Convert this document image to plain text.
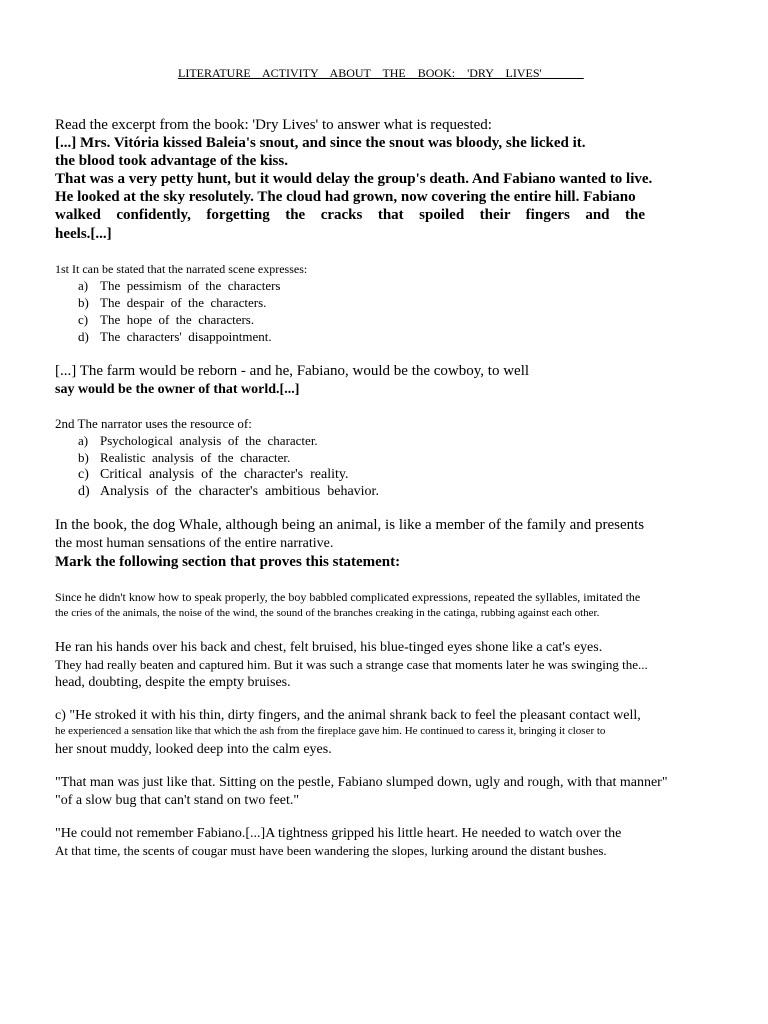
LITERATURE  ACTIVITY  ABOUT  THE  BOOK:  'DRY  LIVES'_______
Read the excerpt from the book: 'Dry Lives' to answer what is requested:
[...] Mrs. Vitória kissed Baleia's snout, and since the snout was bloody, she licked it.
the blood took advantage of the kiss.
That was a very petty hunt, but it would delay the group's death. And Fabiano wanted to live.
He looked at the sky resolutely. The cloud had grown, now covering the entire hill. Fabiano
walked confidently, forgetting the cracks that spoiled their fingers and the
heels.[...]
1st It can be stated that the narrated scene expresses:
a) The  pessimism  of  the  characters
b) The  despair  of  the  characters.
c) The  hope  of  the  characters.
d) The  characters'  disappointment.
[...] The farm would be reborn - and he, Fabiano, would be the cowboy, to well
say would be the owner of that world.[...]
2nd The narrator uses the resource of:
a) Psychological  analysis  of  the  character.
b) Realistic  analysis  of  the  character.
c) Critical  analysis  of  the  character's  reality.
d) Analysis  of  the  character's  ambitious  behavior.
In the book, the dog Whale, although being an animal, is like a member of the family and presents
the most human sensations of the entire narrative.
Mark the following section that proves this statement:
Since he didn't know how to speak properly, the boy babbled complicated expressions, repeated the syllables, imitated the
the cries of the animals, the noise of the wind, the sound of the branches creaking in the catinga, rubbing against each other.
He ran his hands over his back and chest, felt bruised, his blue-tinged eyes shone like a cat's eyes.
They had really beaten and captured him. But it was such a strange case that moments later he was swinging the...
head, doubting, despite the empty bruises.
c) "He stroked it with his thin, dirty fingers, and the animal shrank back to feel the pleasant contact well,
he experienced a sensation like that which the ash from the fireplace gave him. He continued to caress it, bringing it closer to
her snout muddy, looked deep into the calm eyes.
"That man was just like that. Sitting on the pestle, Fabiano slumped down, ugly and rough, with that manner"
"of a slow bug that can't stand on two feet."
"He could not remember Fabiano.[...]A tightness gripped his little heart. He needed to watch over the
At that time, the scents of cougar must have been wandering the slopes, lurking around the distant bushes.
